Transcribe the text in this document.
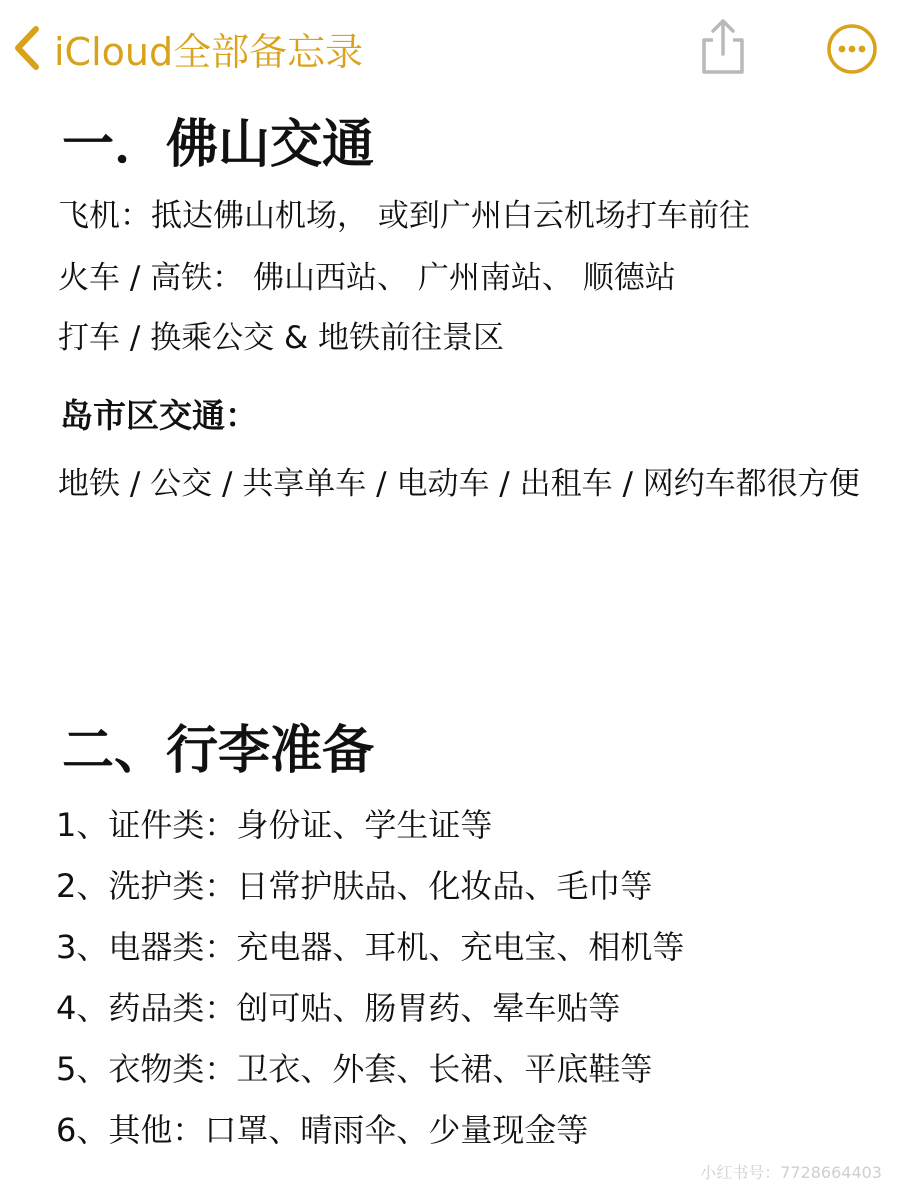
iCloud全部备忘录
一．佛山交通
飞机：抵达佛山机场， 或到广州白云机场打车前往
火车 / 高铁： 佛山西站、 广州南站、 顺德站
打车 / 换乘公交 & 地铁前往景区
岛市区交通：
地铁 / 公交 / 共享单车 / 电动车 / 出租车 / 网约车都很方便
二、行李准备
1、证件类：身份证、学生证等
2、洗护类：日常护肤品、化妆品、毛巾等
3、电器类：充电器、耳机、充电宝、相机等
4、药品类：创可贴、肠胃药、晕车贴等
5、衣物类：卫衣、外套、长裙、平底鞋等
6、其他：口罩、晴雨伞、少量现金等
小红书号：7728664403
